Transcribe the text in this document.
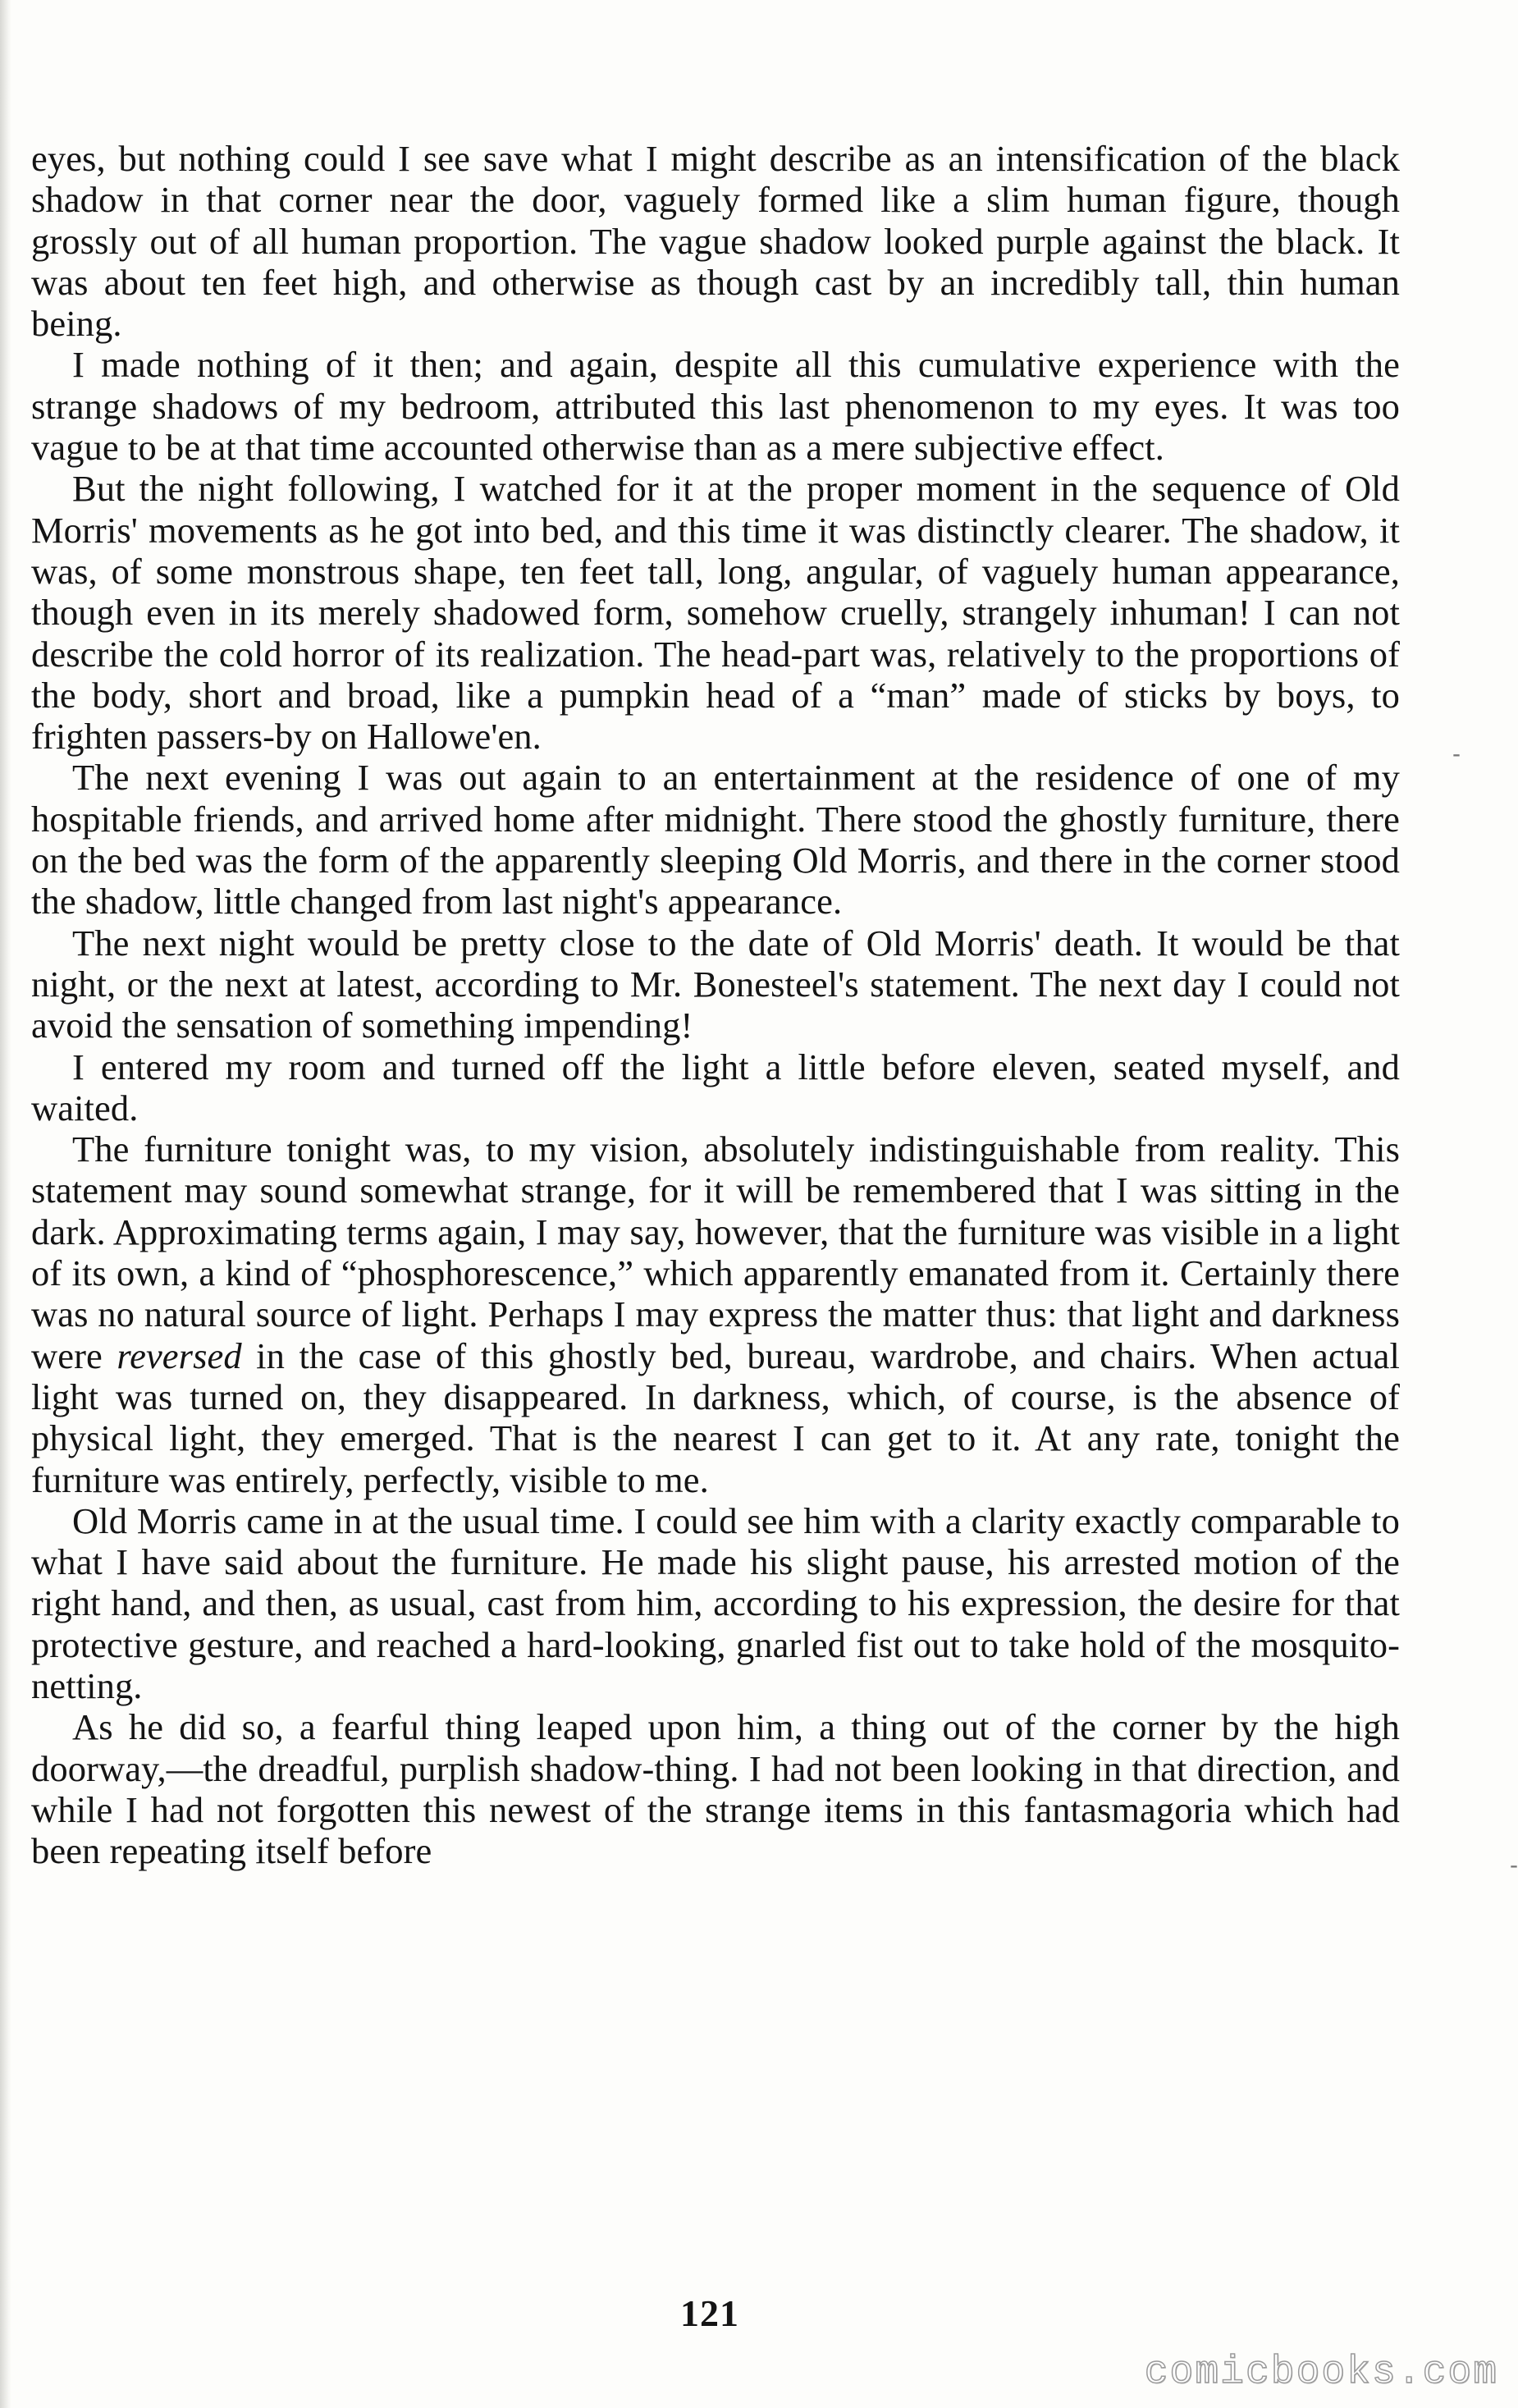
eyes, but nothing could I see save what I might describe as an intensification of the black shadow in that corner near the door, vaguely formed like a slim human figure, though grossly out of all human proportion. The vague shadow looked purple against the black. It was about ten feet high, and otherwise as though cast by an incredibly tall, thin human being.

I made nothing of it then; and again, despite all this cumulative experience with the strange shadows of my bedroom, attributed this last phenomenon to my eyes. It was too vague to be at that time accounted otherwise than as a mere subjective effect.

But the night following, I watched for it at the proper moment in the sequence of Old Morris' movements as he got into bed, and this time it was distinctly clearer. The shadow, it was, of some monstrous shape, ten feet tall, long, angular, of vaguely human appearance, though even in its merely shadowed form, somehow cruelly, strangely inhuman! I can not describe the cold horror of its realization. The head-part was, relatively to the proportions of the body, short and broad, like a pumpkin head of a “man” made of sticks by boys, to frighten passers-by on Hallowe'en.

The next evening I was out again to an entertainment at the residence of one of my hospitable friends, and arrived home after midnight. There stood the ghostly furniture, there on the bed was the form of the apparently sleeping Old Morris, and there in the corner stood the shadow, little changed from last night's appearance.

The next night would be pretty close to the date of Old Morris' death. It would be that night, or the next at latest, according to Mr. Bonesteel's statement. The next day I could not avoid the sensation of something impending!

I entered my room and turned off the light a little before eleven, seated myself, and waited.

The furniture tonight was, to my vision, absolutely indistinguishable from reality. This statement may sound somewhat strange, for it will be remembered that I was sitting in the dark. Approximating terms again, I may say, however, that the furniture was visible in a light of its own, a kind of “phosphorescence,” which apparently emanated from it. Certainly there was no natural source of light. Perhaps I may express the matter thus: that light and darkness were reversed in the case of this ghostly bed, bureau, wardrobe, and chairs. When actual light was turned on, they disappeared. In darkness, which, of course, is the absence of physical light, they emerged. That is the nearest I can get to it. At any rate, tonight the furniture was entirely, perfectly, visible to me.

Old Morris came in at the usual time. I could see him with a clarity exactly comparable to what I have said about the furniture. He made his slight pause, his arrested motion of the right hand, and then, as usual, cast from him, according to his expression, the desire for that protective gesture, and reached a hard-looking, gnarled fist out to take hold of the mosquito-netting.

As he did so, a fearful thing leaped upon him, a thing out of the corner by the high doorway,—the dreadful, purplish shadow-thing. I had not been looking in that direction, and while I had not forgotten this newest of the strange items in this fantasmagoria which had been repeating itself before

-
-
121
comicbooks.com
